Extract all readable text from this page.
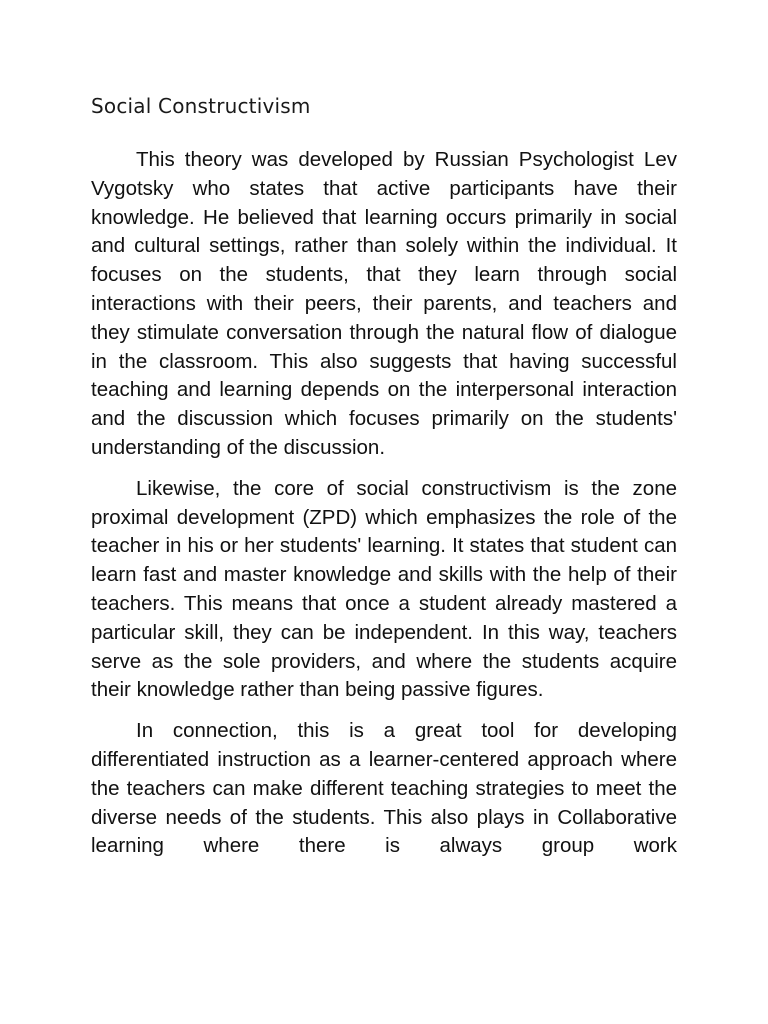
Social Constructivism

This theory was developed by Russian Psychologist Lev Vygotsky who states that active participants have their knowledge. He believed that learning occurs primarily in social and cultural settings, rather than solely within the individual. It focuses on the students, that they learn through social interactions with their peers, their parents, and teachers and they stimulate conversation through the natural flow of dialogue in the classroom. This also suggests that having successful teaching and learning depends on the interpersonal interaction and the discussion which focuses primarily on the students' understanding of the discussion.

Likewise, the core of social constructivism is the zone proximal development (ZPD) which emphasizes the role of the teacher in his or her students' learning. It states that student can learn fast and master knowledge and skills with the help of their teachers. This means that once a student already mastered a particular skill, they can be independent. In this way, teachers serve as the sole providers, and where the students acquire their knowledge rather than being passive figures.

In connection, this is a great tool for developing differentiated instruction as a learner-centered approach where the teachers can make different teaching strategies to meet the diverse needs of the students. This also plays in Collaborative learning where there is always group work
